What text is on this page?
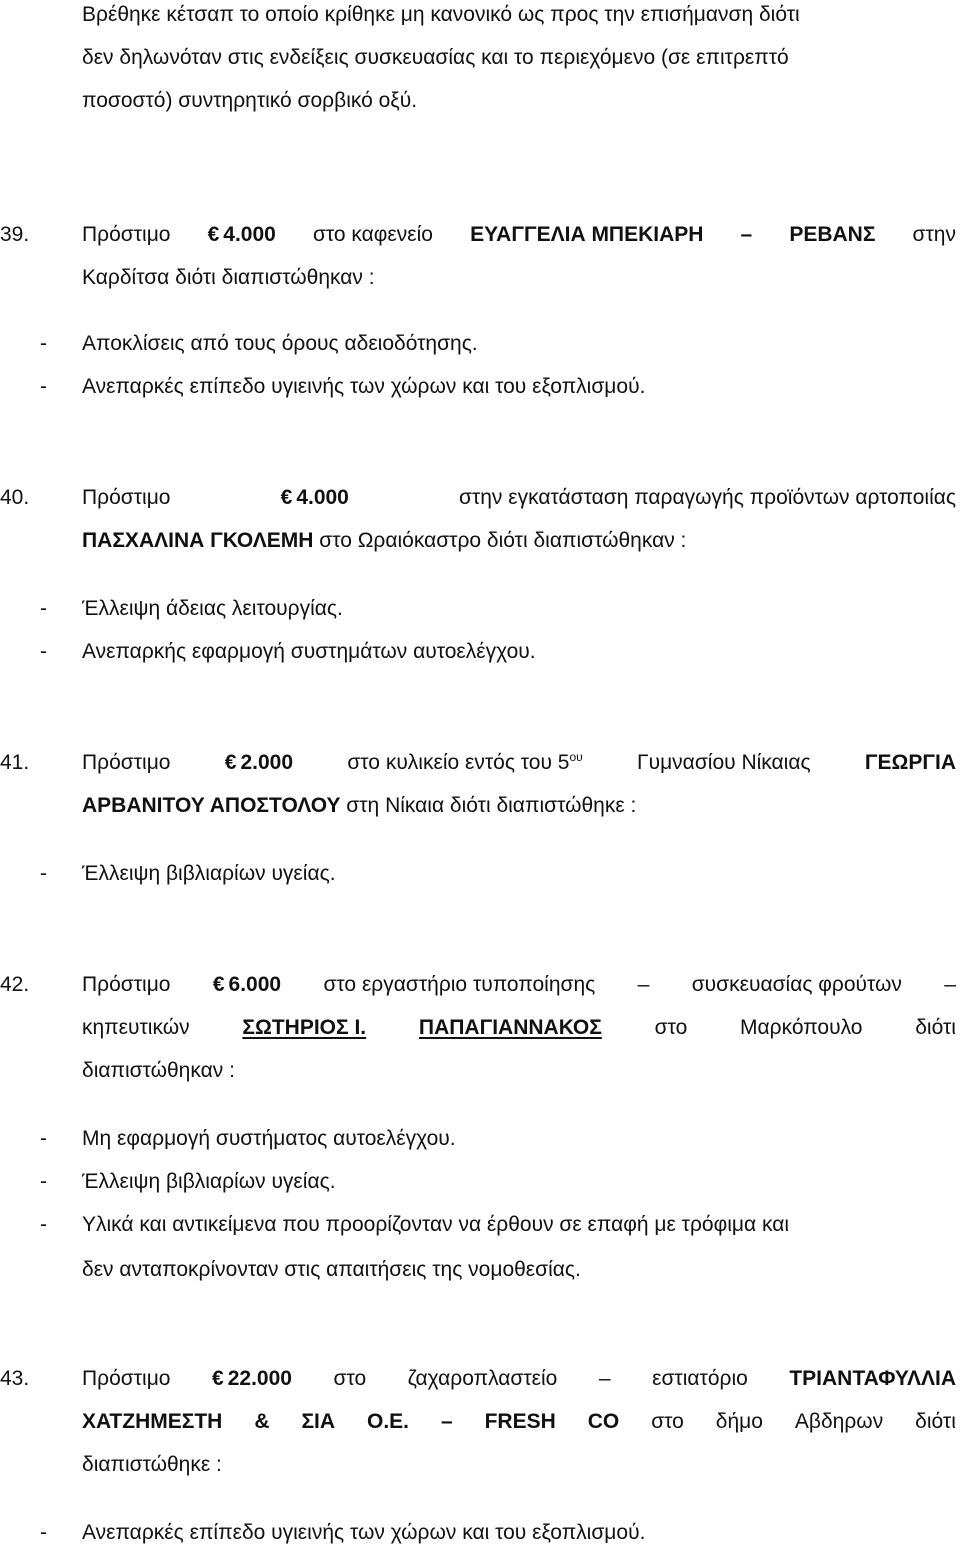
Βρέθηκε κέτσαπ το οποίο κρίθηκε μη κανονικό ως προς την επισήμανση διότι
δεν δηλωνόταν στις ενδείξεις συσκευασίας και το περιεχόμενο (σε επιτρεπτό
ποσοστό) συντηρητικό σορβικό οξύ.
39.	Πρόστιμο € 4.000 στο καφενείο ΕΥΑΓΓΕΛΙΑ ΜΠΕΚΙΑΡΗ – ΡΕΒΑΝΣ στην
Καρδίτσα διότι διαπιστώθηκαν :
- Αποκλίσεις από τους όρους αδειοδότησης.
- Ανεπαρκές επίπεδο υγιεινής των χώρων και του εξοπλισμού.
40.	Πρόστιμο	€ 4.000	στην εγκατάσταση παραγωγής προϊόντων αρτοποιίας
ΠΑΣΧΑΛΙΝΑ ΓΚΟΛΕΜΗ στο Ωραιόκαστρο διότι διαπιστώθηκαν :
- Έλλειψη άδειας λειτουργίας.
- Ανεπαρκής εφαρμογή συστημάτων αυτοελέγχου.
41.	Πρόστιμο	€ 2.000	στο κυλικείο εντός του $5^{o\upsilon}$	Γυμνασίου Νίκαιας	ΓΕΩΡΓΙΑ
ΑΡΒΑΝΙΤΟΥ ΑΠΟΣΤΟΛΟΥ στη Νίκαια διότι διαπιστώθηκε :
- Έλλειψη βιβλιαρίων υγείας.
42.	Πρόστιμο € 6.000 στο εργαστήριο τυποποίησης – συσκευασίας φρούτων –
κηπευτικών	ΣΩΤΗΡΙΟΣ Ι.	ΠΑΠΑΓΙΑΝΝΑΚΟΣ	στο	Μαρκόπουλο	διότι
διαπιστώθηκαν :
- Μη εφαρμογή συστήματος αυτοελέγχου.
- Έλλειψη βιβλιαρίων υγείας.
- Υλικά και αντικείμενα που προορίζονταν να έρθουν σε επαφή με τρόφιμα και
δεν ανταποκρίνονταν στις απαιτήσεις της νομοθεσίας.
43.	Πρόστιμο € 22.000 στο ζαχαροπλαστείο – εστιατόριο ΤΡΙΑΝΤΑΦΥΛΛΙΑ
ΧΑΤΖΗΜΕΣΤΗ & ΣΙΑ Ο.Ε. – FRESH CO στο δήμο Αβδηρων διότι
διαπιστώθηκε :
- Ανεπαρκές επίπεδο υγιεινής των χώρων και του εξοπλισμού.
